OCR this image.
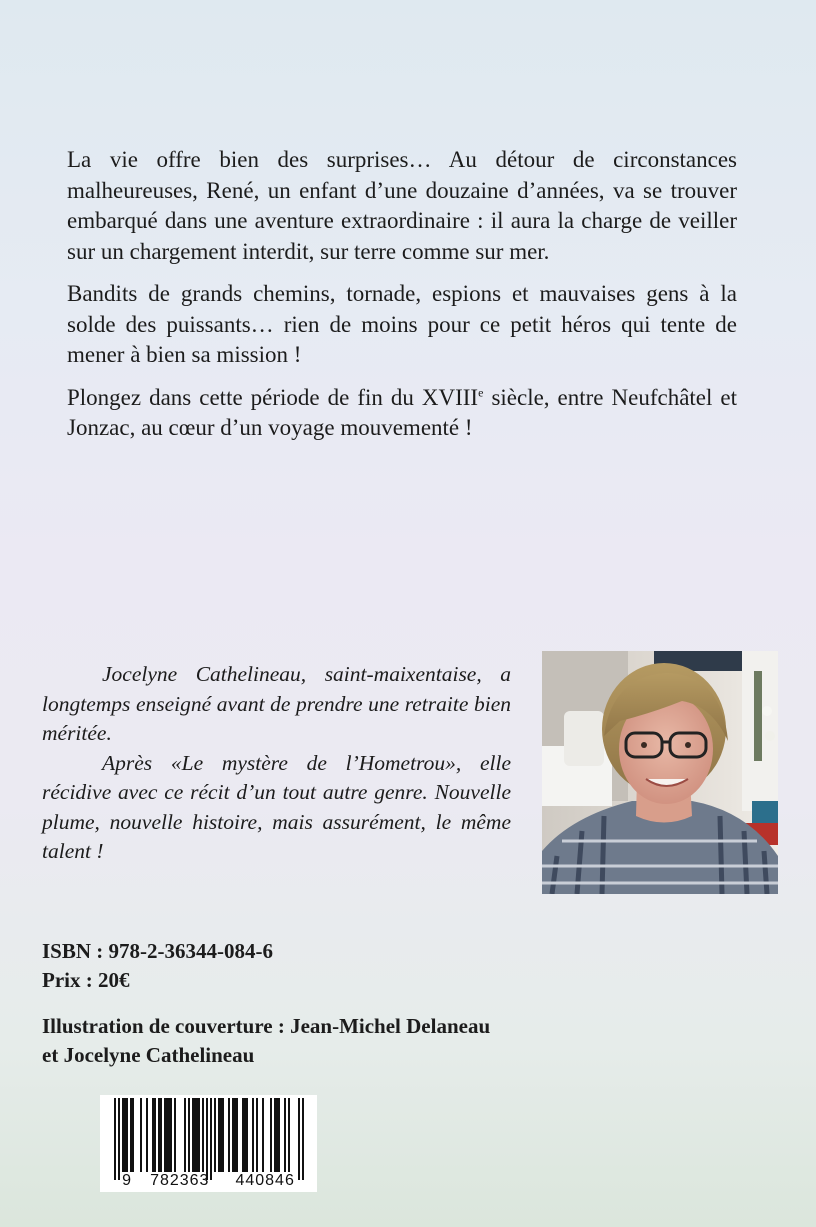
La vie offre bien des surprises… Au détour de circonstances malheureuses, René, un enfant d’une douzaine d’années, va se trouver embarqué dans une aventure extraordinaire : il aura la charge de veiller sur un chargement interdit, sur terre comme sur mer.

Bandits de grands chemins, tornade, espions et mauvaises gens à la solde des puissants… rien de moins pour ce petit héros qui tente de mener à bien sa mission !

Plongez dans cette période de fin du XVIIIe siècle, entre Neufchâtel et Jonzac, au cœur d’un voyage mouvementé !

Jocelyne Cathelineau, saint-maixentaise, a longtemps enseigné avant de prendre une retraite bien méritée.

Après «Le mystère de l’Hometrou», elle récidive avec ce récit d’un tout autre genre. Nouvelle plume, nouvelle histoire, mais assurément, le même talent !

ISBN : 978-2-36344-084-6
Prix : 20€
Illustration de couverture : Jean-Michel Delaneau
et Jocelyne Cathelineau
9 782363 440846
